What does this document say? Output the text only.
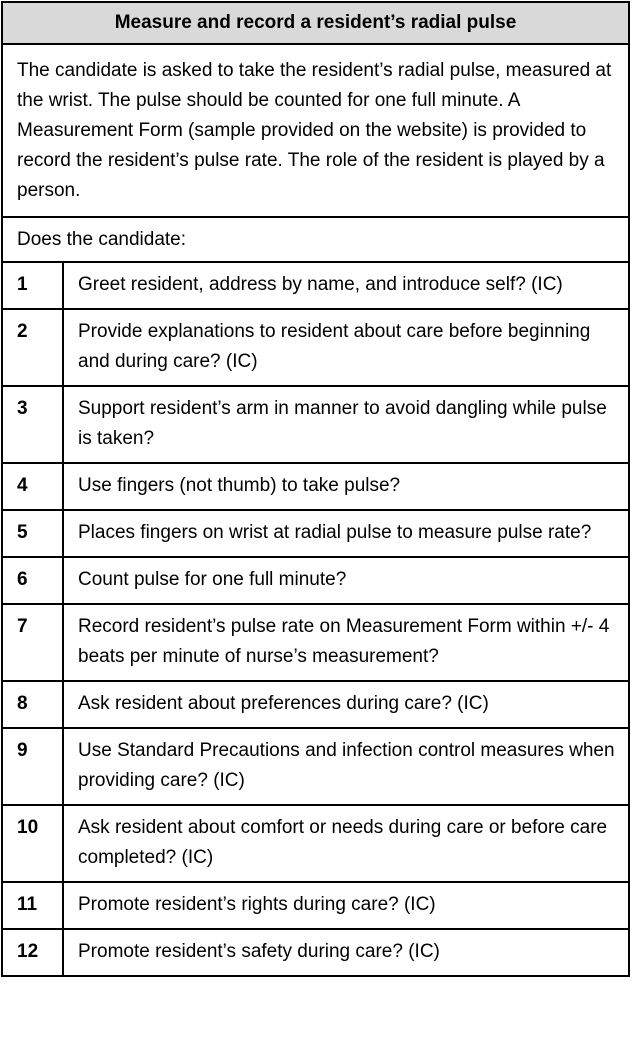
Measure and record a resident’s radial pulse
The candidate is asked to take the resident’s radial pulse, measured at the wrist. The pulse should be counted for one full minute. A Measurement Form (sample provided on the website) is provided to record the resident’s pulse rate. The role of the resident is played by a person.
Does the candidate:
1	Greet resident, address by name, and introduce self? (IC)
2	Provide explanations to resident about care before beginning and during care? (IC)
3	Support resident’s arm in manner to avoid dangling while pulse is taken?
4	Use fingers (not thumb) to take pulse?
5	Places fingers on wrist at radial pulse to measure pulse rate?
6	Count pulse for one full minute?
7	Record resident’s pulse rate on Measurement Form within +/- 4 beats per minute of nurse’s measurement?
8	Ask resident about preferences during care? (IC)
9	Use Standard Precautions and infection control measures when providing care? (IC)
10	Ask resident about comfort or needs during care or before care completed? (IC)
11	Promote resident’s rights during care? (IC)
12	Promote resident’s safety during care? (IC)
